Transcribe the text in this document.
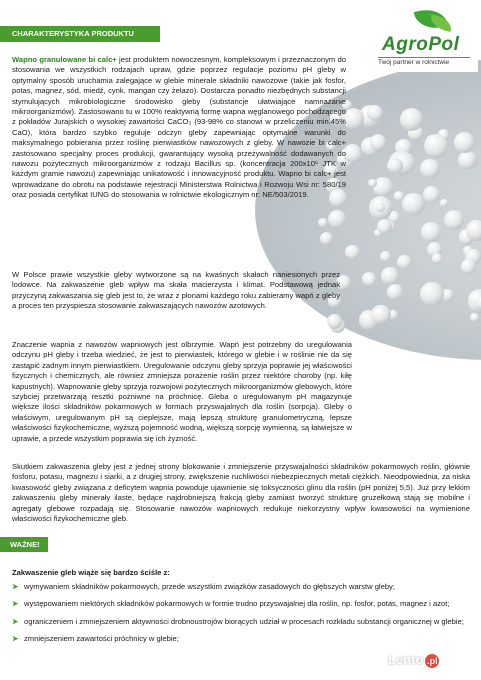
AgroPol
Twój partner w rolnictwie
CHARAKTERYSTYKA PRODUKTU
Wapno granulowane bi calc+ jest produktem nowoczesnym, kompleksowym i przeznaczonym do stosowania we wszystkich rodzajach upraw, gdzie poprzez regulacje poziomu pH gleby w optymalny sposób uruchamia zalegające w glebie minerale składniki nawozowe (takie jak fosfor, potas, magnez, sód, miedź, cynk, mangan czy żelazo). Dostarcza ponadto niezbędnych substancji stymulujących mikrobiologiczne środowisko gleby (substancje ułatwiające namnażanie mikroorganizmów). Zastosowano tu w 100% reaktywną formę wapna węglanowego pochodzącego z pokładów Jurajskich o wysokiej zawartości CaCO₃ (93-98% co stanowi w przeliczeniu min.45% CaO), która bardzo szybko reguluje odczyn gleby zapewniając optymalne warunki do maksymalnego pobierania przez roślinę pierwiastków nawozowych z gleby. W nawozie bi calc+ zastosowano specjalny proces produkcji, gwarantujący wysoką przeżywalność dodawanych do nawozu pożytecznych mikroorganizmów z rodzaju Bacillus sp. (koncentracja 200x10⁶ JTK w każdym gramie nawozu) zapewniając unikatowość i innowacyjność produktu. Wapno bi calc+ jest wprowadzane do obrotu na podstawie rejestracji Ministerstwa Rolnictwa i Rozwoju Wsi nr: 580/19 oraz posiada certyfikat IUNG do stosowania w rolnictwie ekologicznym nr: NE/503/2019.
W Polsce prawie wszystkie gleby wytworzone są na kwaśnych skałach naniesionych przez lodowce. Na zakwaszenie gleb wpływ ma skała macierzysta i klimat. Podstawową jednak przyczyną zakwaszania się gleb jest to, że wraz z plonami każdego roku zabieramy wapń z gleby a proces ten przyspiesza stosowanie zakwaszających nawozów azotowych.
Znaczenie wapnia z nawozów wapniowych jest olbrzymie. Wapń jest potrzebny do uregulowania odczynu pH gleby i trzeba wiedzieć, że jest to pierwiastek, którego w glebie i w roślinie nie da się zastąpić żadnym innym pierwiastkiem. Uregulowanie odczynu gleby sprzyja poprawie jej właściwości fizycznych i chemicznych, ale również zmniejsza porażenie roślin przez niektóre choroby (np. kiłę kapustnych). Wapnowanie gleby sprzyja rozwojowi pożytecznych mikroorganizmów glebowych, które szybciej przetwarzają resztki pożniwne na próchnicę. Gleba o uregulowanym pH magazynuje większe ilości składników pokarmowych w formach przyswajalnych dla roślin (sorpcja). Gleby o właściwym, uregulowanym pH są cieplejsze, mają lepszą strukturę granulometryczną, lepsze właściwości fizykochemiczne, wyższą pojemność wodną, większą sorpcję wymienną, są łatwiejsze w uprawie, a przede wszystkim poprawia się ich żyzność.
Skutkiem zakwaszenia gleby jest z jednej strony blokowanie i zmniejszenie przyswajalności składników pokarmowych roślin, głównie fosforu, potasu, magnezu i siarki, a z drugiej strony, zwiększenie ruchliwości niebezpiecznych metali ciężkich. Nieodpowiednia, za niska kwasowość gleby związana z deficytem wapnia powoduje ujawnienie się toksyczności glinu dla roślin (pH poniżej 5,5). Już przy lekkim zakwaszeniu gleby minerały ilaste, będące najdrobniejszą frakcją gleby zamiast tworzyć strukturę gruzełkową stają się mobilne i agregaty glebowe rozpadają się. Stosowanie nawozów wapniowych redukuje niekorzystny wpływ kwasowości na wymienione właściwości fizykochemiczne gleb.
WAŻNE!
Zakwaszenie gleb wiąże się bardzo ściśle z:
➤ wymywaniem składników pokarmowych, przede wszystkim związków zasadowych do głębszych warstw gleby;
➤ występowaniem niektórych składników pokarmowych w formie trudno przyswajalnej dla roślin, np. fosfor, potas, magnez i azot;
➤ ograniczeniem i zmniejszeniem aktywności drobnoustrojów biorących udział w procesach rozkładu substancji organicznej w glebie;
➤ zmniejszeniem zawartości próchnicy w glebie;
Lento .pl
